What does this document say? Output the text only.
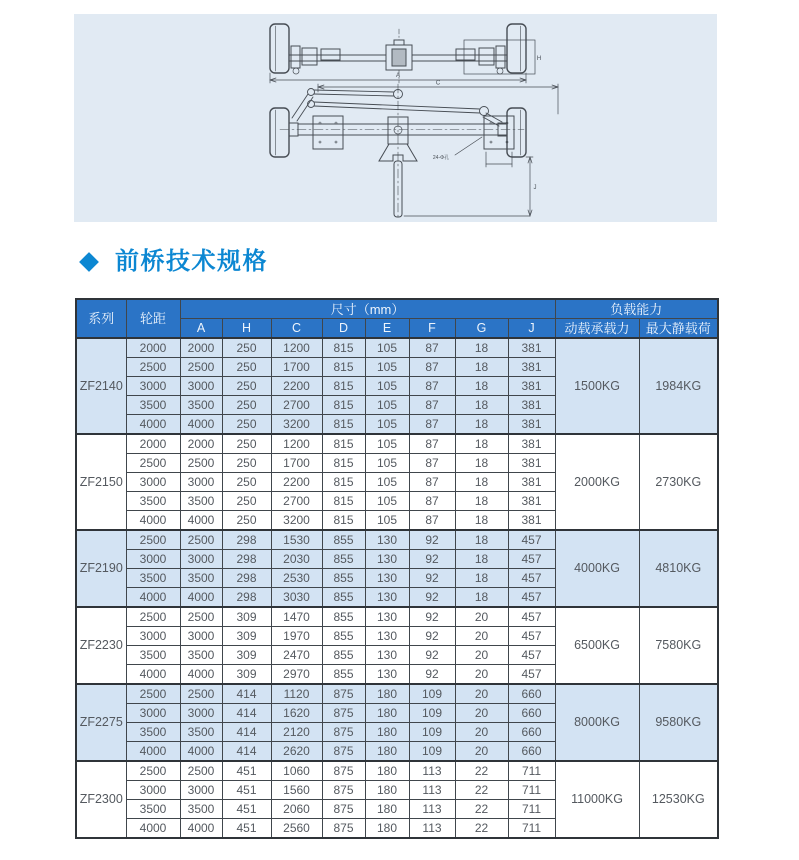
A
H
C
J
24-Φ孔
前桥技术规格
系列	轮距	尺寸（mm）								负载能力	
		A	H	C	D	E	F	G	J	动载承载力	最大静载荷
ZF2140	2000	2000	250	1200	815	105	87	18	381	1500KG	1984KG
	2500	2500	250	1700	815	105	87	18	381		
	3000	3000	250	2200	815	105	87	18	381		
	3500	3500	250	2700	815	105	87	18	381		
	4000	4000	250	3200	815	105	87	18	381		
ZF2150	2000	2000	250	1200	815	105	87	18	381	2000KG	2730KG
	2500	2500	250	1700	815	105	87	18	381		
	3000	3000	250	2200	815	105	87	18	381		
	3500	3500	250	2700	815	105	87	18	381		
	4000	4000	250	3200	815	105	87	18	381		
ZF2190	2500	2500	298	1530	855	130	92	18	457	4000KG	4810KG
	3000	3000	298	2030	855	130	92	18	457		
	3500	3500	298	2530	855	130	92	18	457		
	4000	4000	298	3030	855	130	92	18	457		
ZF2230	2500	2500	309	1470	855	130	92	20	457	6500KG	7580KG
	3000	3000	309	1970	855	130	92	20	457		
	3500	3500	309	2470	855	130	92	20	457		
	4000	4000	309	2970	855	130	92	20	457		
ZF2275	2500	2500	414	1120	875	180	109	20	660	8000KG	9580KG
	3000	3000	414	1620	875	180	109	20	660		
	3500	3500	414	2120	875	180	109	20	660		
	4000	4000	414	2620	875	180	109	20	660		
ZF2300	2500	2500	451	1060	875	180	113	22	711	11000KG	12530KG
	3000	3000	451	1560	875	180	113	22	711		
	3500	3500	451	2060	875	180	113	22	711		
	4000	4000	451	2560	875	180	113	22	711		
